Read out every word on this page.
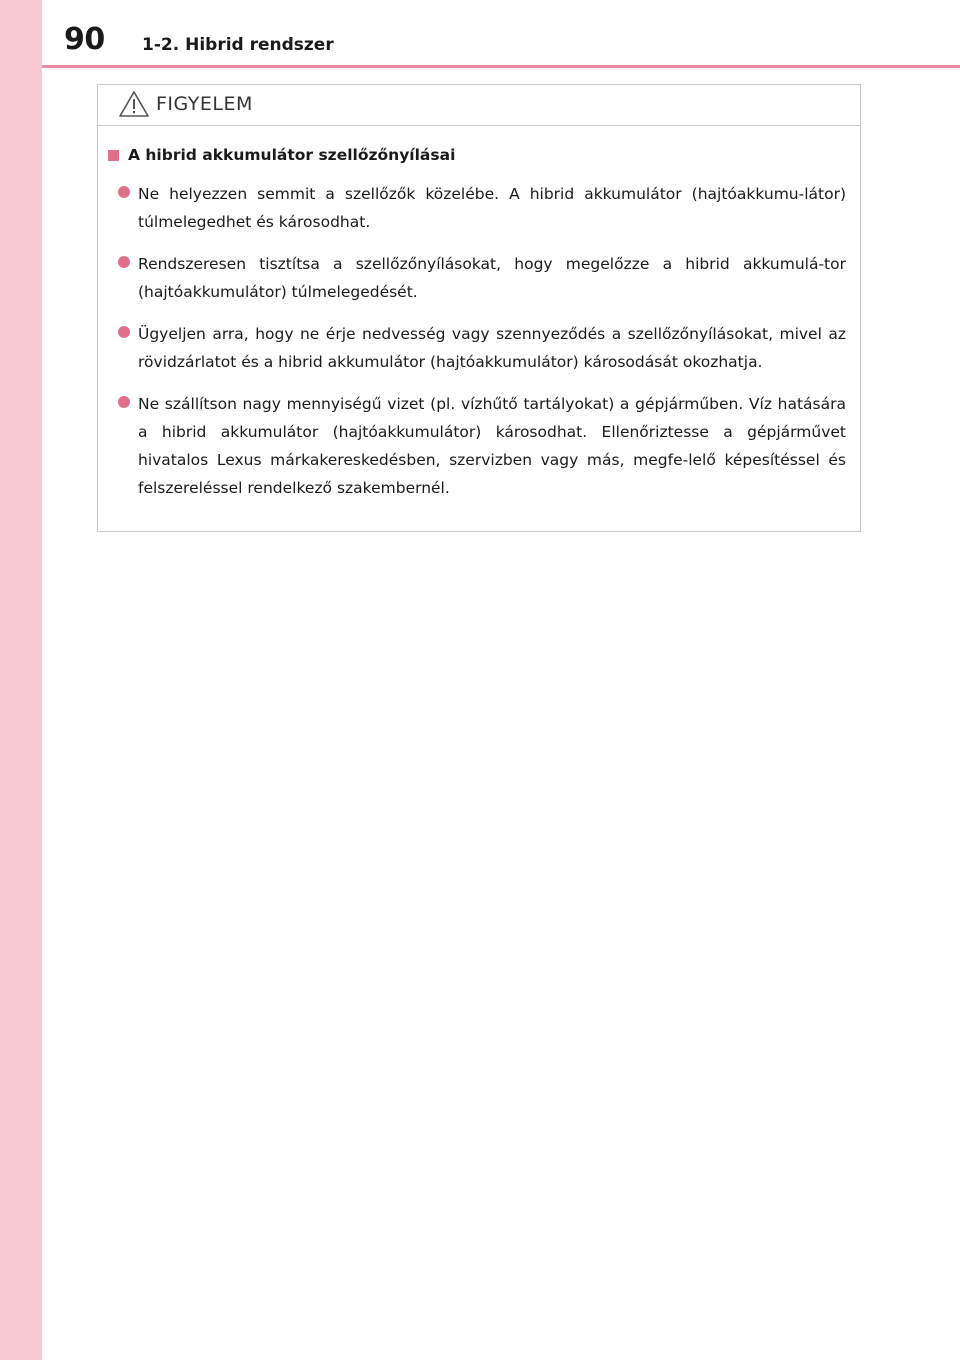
90 1-2. Hibrid rendszer
FIGYELEM
A hibrid akkumulátor szellőzőnyílásai
Ne helyezzen semmit a szellőzők közelébe. A hibrid akkumulátor (hajtóakkumu-látor) túlmelegedhet és károsodhat.
Rendszeresen tisztítsa a szellőzőnyílásokat, hogy megelőzze a hibrid akkumulá-tor (hajtóakkumulátor) túlmelegedését.
Ügyeljen arra, hogy ne érje nedvesség vagy szennyeződés a szellőzőnyílásokat, mivel az rövidzárlatot és a hibrid akkumulátor (hajtóakkumulátor) károsodását okozhatja.
Ne szállítson nagy mennyiségű vizet (pl. vízhűtő tartályokat) a gépjárműben. Víz hatására a hibrid akkumulátor (hajtóakkumulátor) károsodhat. Ellenőriztesse a gépjárművet hivatalos Lexus márkakereskedésben, szervizben vagy más, megfe-lelő képesítéssel és felszereléssel rendelkező szakembernél.
